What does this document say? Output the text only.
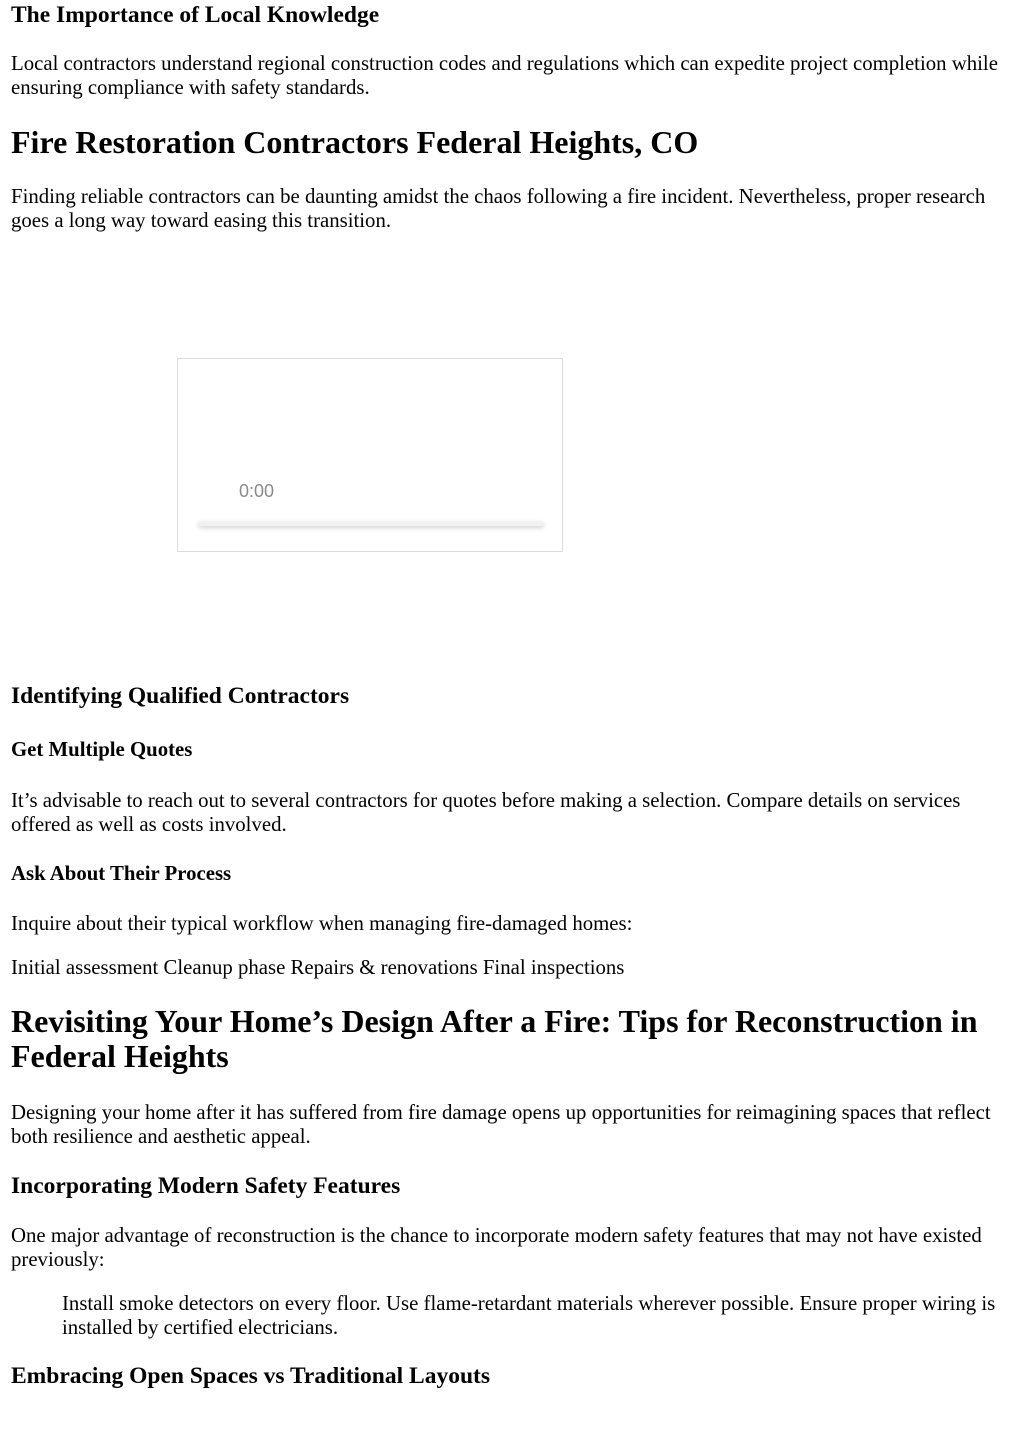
The Importance of Local Knowledge

Local contractors understand regional construction codes and regulations which can expedite project completion while ensuring compliance with safety standards.

Fire Restoration Contractors Federal Heights, CO

Finding reliable contractors can be daunting amidst the chaos following a fire incident. Nevertheless, proper research goes a long way toward easing this transition.

0:00
Identifying Qualified Contractors
Get Multiple Quotes

It’s advisable to reach out to several contractors for quotes before making a selection. Compare details on services offered as well as costs involved.

Ask About Their Process

Inquire about their typical workflow when managing fire-damaged homes:

Initial assessment Cleanup phase Repairs & renovations Final inspections

Revisiting Your Home’s Design After a Fire: Tips for Reconstruction in Federal Heights

Designing your home after it has suffered from fire damage opens up opportunities for reimagining spaces that reflect both resilience and aesthetic appeal.

Incorporating Modern Safety Features

One major advantage of reconstruction is the chance to incorporate modern safety features that may not have existed previously:

Install smoke detectors on every floor. Use flame-retardant materials wherever possible. Ensure proper wiring is installed by certified electricians.
Embracing Open Spaces vs Traditional Layouts
